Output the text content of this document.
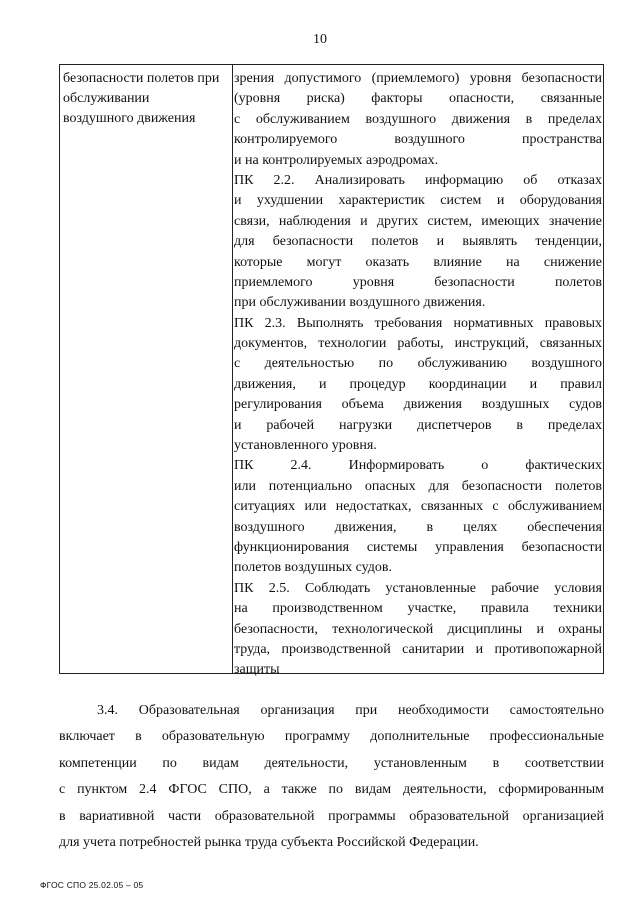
10
безопасности полетов при
обслуживании
воздушного движения
зрения допустимого (приемлемого) уровня безопасности
(уровня риска) факторы опасности, связанные
с обслуживанием воздушного движения в пределах
контролируемого воздушного пространства
и на контролируемых аэродромах.
ПК 2.2. Анализировать информацию об отказах
и ухудшении характеристик систем и оборудования
связи, наблюдения и других систем, имеющих значение
для безопасности полетов и выявлять тенденции,
которые могут оказать влияние на снижение
приемлемого уровня безопасности полетов
при обслуживании воздушного движения.
ПК 2.3. Выполнять требования нормативных правовых
документов, технологии работы, инструкций, связанных
с деятельностью по обслуживанию воздушного
движения, и процедур координации и правил
регулирования объема движения воздушных судов
и рабочей нагрузки диспетчеров в пределах
установленного уровня.
ПК 2.4. Информировать о фактических
или потенциально опасных для безопасности полетов
ситуациях или недостатках, связанных с обслуживанием
воздушного движения, в целях обеспечения
функционирования системы управления безопасности
полетов воздушных судов.
ПК 2.5. Соблюдать установленные рабочие условия
на производственном участке, правила техники
безопасности, технологической дисциплины и охраны
труда, производственной санитарии и противопожарной
защиты
3.4. Образовательная организация при необходимости самостоятельно
включает в образовательную программу дополнительные профессиональные
компетенции по видам деятельности, установленным в соответствии
с пунктом 2.4 ФГОС СПО, а также по видам деятельности, сформированным
в вариативной части образовательной программы образовательной организацией
для учета потребностей рынка труда субъекта Российской Федерации.
ФГОС СПО 25.02.05 – 05
